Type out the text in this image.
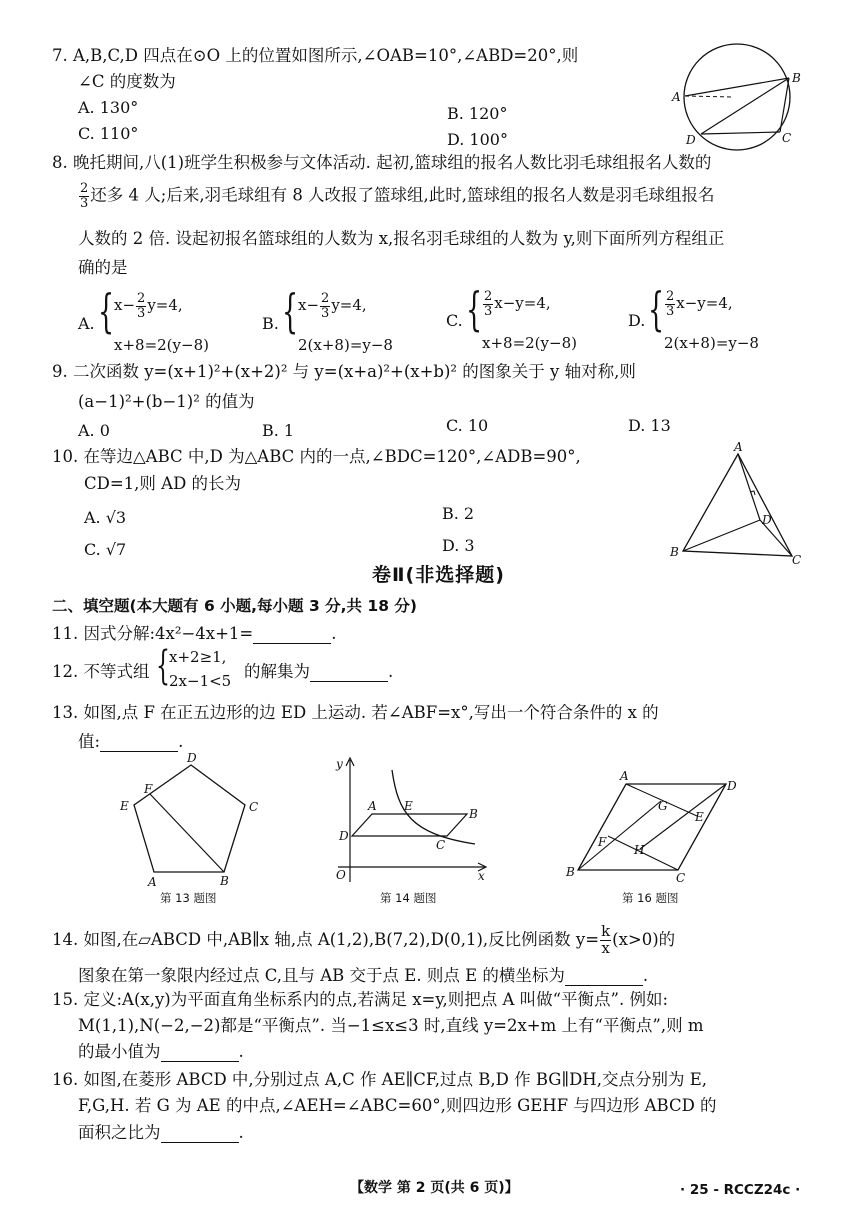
7. A,B,C,D 四点在⊙O 上的位置如图所示,∠OAB=10°,∠ABD=20°,则
∠C 的度数为
A. 130°	B. 120°
C. 110°	D. 100°
A
B
C
D
8. 晚托期间,八(1)班学生积极参与文体活动. 起初,篮球组的报名人数比羽毛球组报名人数的
$\frac{2}{3}$ 还多 4 人;后来,羽毛球组有 8 人改报了篮球组,此时,篮球组的报名人数是羽毛球组报名
人数的 2 倍. 设起初报名篮球组的人数为 x,报名羽毛球组的人数为 y,则下面所列方程组正
确的是
A. { $x- \frac{2}{3} y=4$,
x+8=2(y−8)
B. { $x- \frac{2}{3} y=4$,
2(x+8)=y−8
C. { $\frac{2}{3} x-y=4$,
x+8=2(y−8)
D. { $\frac{2}{3} x-y=4$,
2(x+8)=y−8
9. 二次函数 y=(x+1)²+(x+2)² 与 y=(x+a)²+(x+b)² 的图象关于 y 轴对称,则
(a−1)²+(b−1)² 的值为
A. 0	B. 1	C. 10	D. 13
10. 在等边△ABC 中,D 为△ABC 内的一点,∠BDC=120°,∠ADB=90°,
CD=1,则 AD 的长为
A. √3	B. 2
C. √7	D. 3
A
B
C
D
卷Ⅱ(非选择题)
二、填空题(本大题有 6 小题,每小题 3 分,共 18 分)
11. 因式分解:4x²−4x+1=	.
12. 不等式组 { x+2≥1,
2x−1<5 的解集为	.
13. 如图,点 F 在正五边形的边 ED 上运动. 若∠ABF=x°,写出一个符合条件的 x 的
值:	.
D
C
B
A
E
F
第 13 题图
y
x
O
D
A E
B
C
第 14 题图
A
D
C
B
G
E
F
H
第 16 题图
14. 如图,在▱ABCD 中,AB∥x 轴,点 A(1,2),B(7,2),D(0,1),反比例函数 $y= \frac{k}{x} (x>0)$的
图象在第一象限内经过点 C,且与 AB 交于点 E. 则点 E 的横坐标为	.
15. 定义:A(x,y)为平面直角坐标系内的点,若满足 x=y,则把点 A 叫做“平衡点”. 例如:
M(1,1),N(−2,−2)都是“平衡点”. 当−1≤x≤3 时,直线 y=2x+m 上有“平衡点”,则 m
的最小值为	.
16. 如图,在菱形 ABCD 中,分别过点 A,C 作 AE∥CF,过点 B,D 作 BG∥DH,交点分别为 E,
F,G,H. 若 G 为 AE 的中点,∠AEH=∠ABC=60°,则四边形 GEHF 与四边形 ABCD 的
面积之比为	.
【数学 第 2 页(共 6 页)】	· 25 - RCCZ24c ·
